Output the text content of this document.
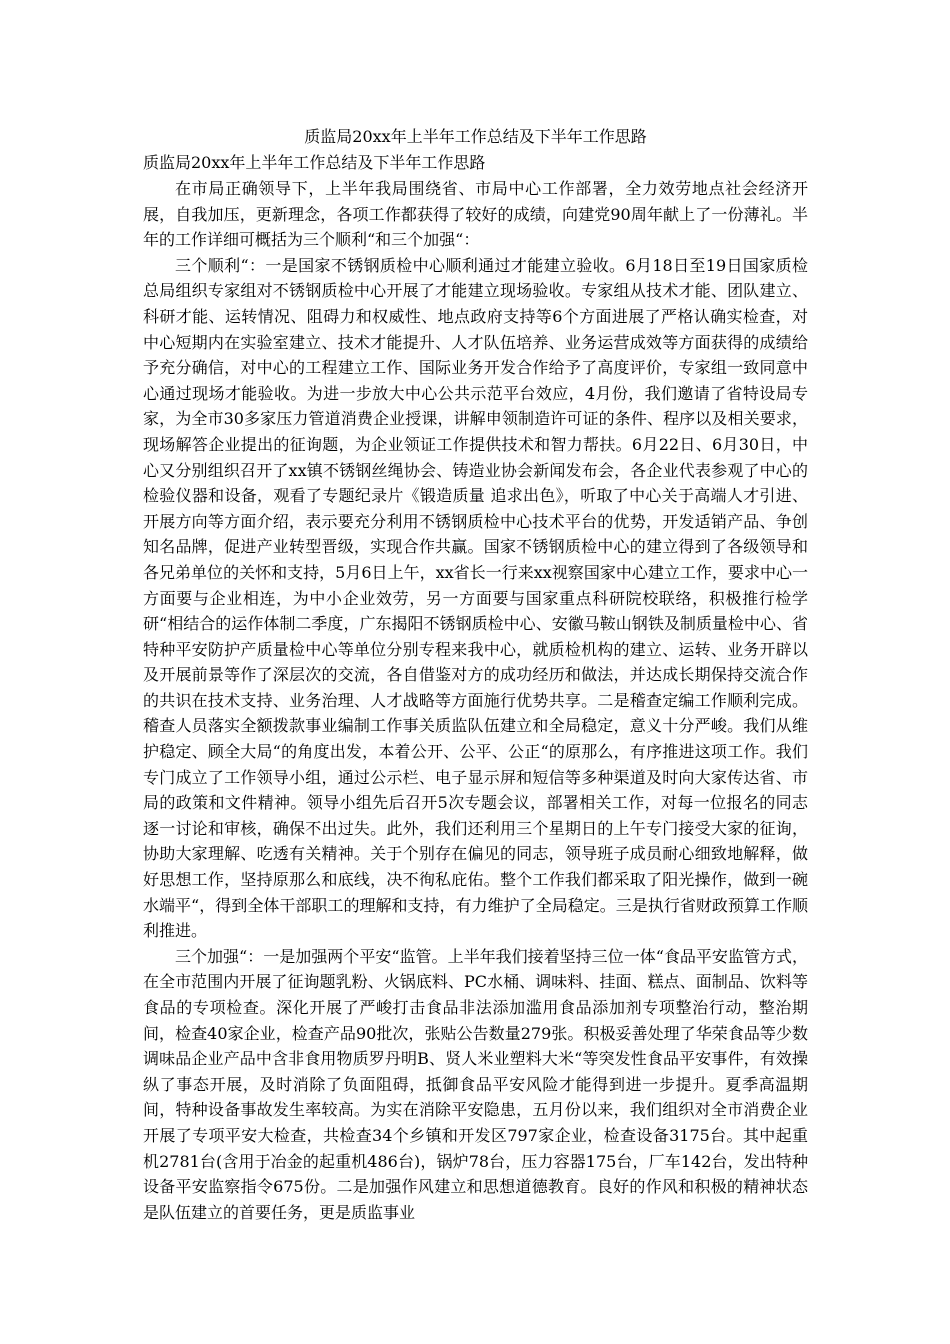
质监局20xx年上半年工作总结及下半年工作思路

质监局20xx年上半年工作总结及下半年工作思路

在市局正确领导下，上半年我局围绕省、市局中心工作部署，全力效劳地点社会经济开展，自我加压，更新理念，各项工作都获得了较好的成绩，向建党90周年献上了一份薄礼。半年的工作详细可概括为三个顺利“和三个加强“：

三个顺利“：一是国家不锈钢质检中心顺利通过才能建立验收。6月18日至19日国家质检总局组织专家组对不锈钢质检中心开展了才能建立现场验收。专家组从技术才能、团队建立、科研才能、运转情况、阻碍力和权威性、地点政府支持等6个方面进展了严格认确实检查，对中心短期内在实验室建立、技术才能提升、人才队伍培养、业务运营成效等方面获得的成绩给予充分确信，对中心的工程建立工作、国际业务开发合作给予了高度评价，专家组一致同意中心通过现场才能验收。为进一步放大中心公共示范平台效应，4月份，我们邀请了省特设局专家，为全市30多家压力管道消费企业授课，讲解申领制造许可证的条件、程序以及相关要求，现场解答企业提出的征询题，为企业领证工作提供技术和智力帮扶。6月22日、6月30日，中心又分别组织召开了xx镇不锈钢丝绳协会、铸造业协会新闻发布会，各企业代表参观了中心的检验仪器和设备，观看了专题纪录片《锻造质量 追求出色》，听取了中心关于高端人才引进、开展方向等方面介绍，表示要充分利用不锈钢质检中心技术平台的优势，开发适销产品、争创知名品牌，促进产业转型晋级，实现合作共赢。国家不锈钢质检中心的建立得到了各级领导和各兄弟单位的关怀和支持，5月6日上午，xx省长一行来xx视察国家中心建立工作，要求中心一方面要与企业相连，为中小企业效劳，另一方面要与国家重点科研院校联络，积极推行检学研“相结合的运作体制二季度，广东揭阳不锈钢质检中心、安徽马鞍山钢铁及制质量检中心、省特种平安防护产质量检中心等单位分别专程来我中心，就质检机构的建立、运转、业务开辟以及开展前景等作了深层次的交流，各自借鉴对方的成功经历和做法，并达成长期保持交流合作的共识在技术支持、业务治理、人才战略等方面施行优势共享。二是稽查定编工作顺利完成。稽查人员落实全额拨款事业编制工作事关质监队伍建立和全局稳定，意义十分严峻。我们从维护稳定、顾全大局“的角度出发，本着公开、公平、公正“的原那么，有序推进这项工作。我们专门成立了工作领导小组，通过公示栏、电子显示屏和短信等多种渠道及时向大家传达省、市局的政策和文件精神。领导小组先后召开5次专题会议，部署相关工作，对每一位报名的同志逐一讨论和审核，确保不出过失。此外，我们还利用三个星期日的上午专门接受大家的征询，协助大家理解、吃透有关精神。关于个别存在偏见的同志，领导班子成员耐心细致地解释，做好思想工作，坚持原那么和底线，决不徇私庇佑。整个工作我们都采取了阳光操作，做到一碗水端平“，得到全体干部职工的理解和支持，有力维护了全局稳定。三是执行省财政预算工作顺利推进。

三个加强“：一是加强两个平安“监管。上半年我们接着坚持三位一体“食品平安监管方式，在全市范围内开展了征询题乳粉、火锅底料、PC水桶、调味料、挂面、糕点、面制品、饮料等食品的专项检查。深化开展了严峻打击食品非法添加滥用食品添加剂专项整治行动，整治期间，检查40家企业，检查产品90批次，张贴公告数量279张。积极妥善处理了华荣食品等少数调味品企业产品中含非食用物质罗丹明B、贤人米业塑料大米“等突发性食品平安事件，有效操纵了事态开展，及时消除了负面阻碍，抵御食品平安风险才能得到进一步提升。夏季高温期间，特种设备事故发生率较高。为实在消除平安隐患，五月份以来，我们组织对全市消费企业开展了专项平安大检查，共检查34个乡镇和开发区797家企业，检查设备3175台。其中起重机2781台(含用于冶金的起重机486台)，锅炉78台，压力容器175台，厂车142台，发出特种设备平安监察指令675份。二是加强作风建立和思想道德教育。良好的作风和积极的精神状态是队伍建立的首要任务，更是质监事业
